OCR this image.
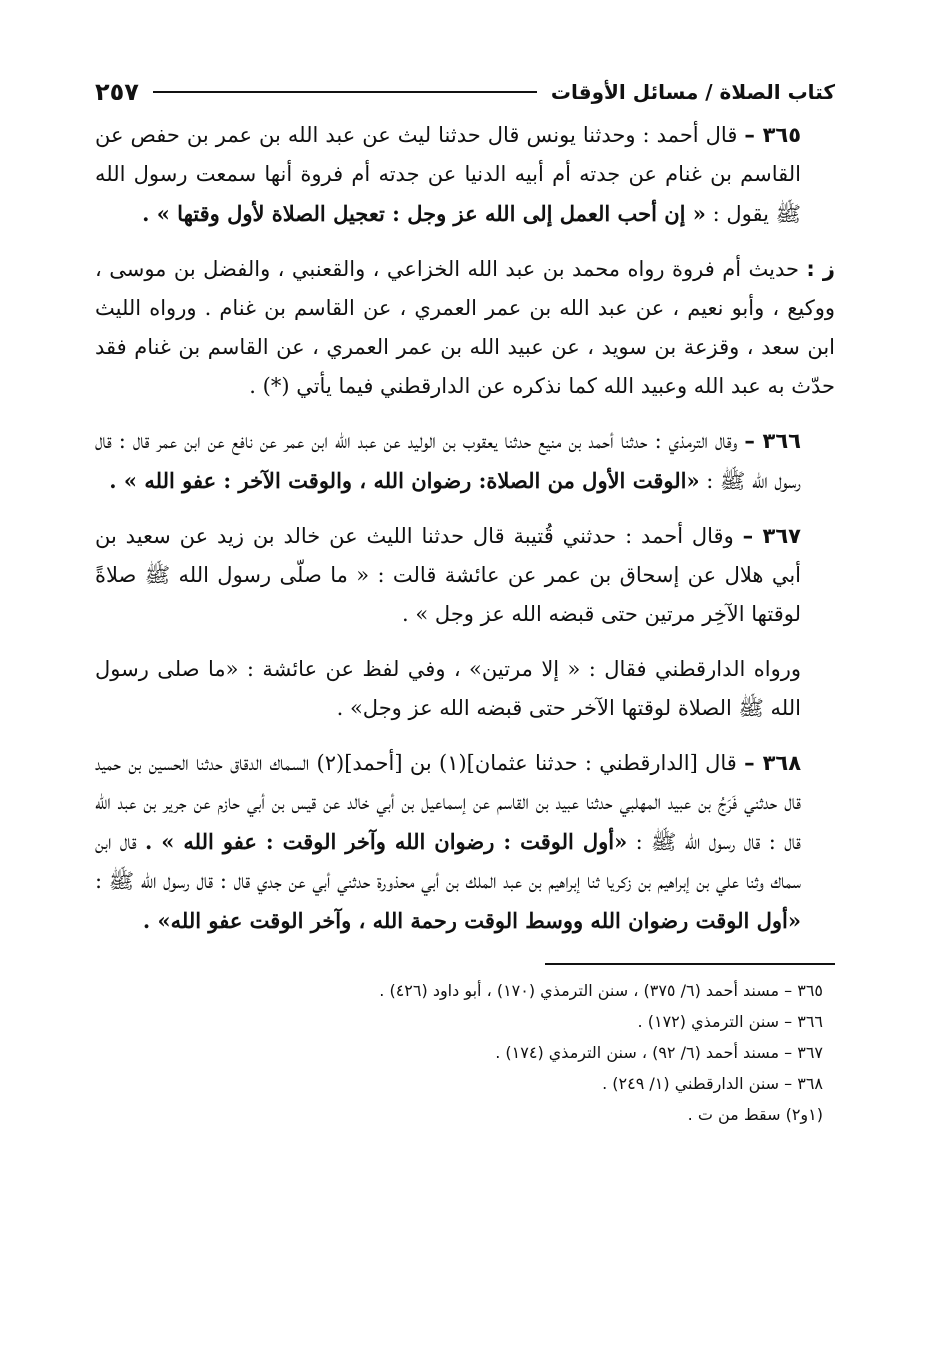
كتاب الصلاة / مسائل الأوقات
٢٥٧

٣٦٥ – قال أحمد : وحدثنا يونس قال حدثنا ليث عن عبد الله بن عمر بن حفص عن القاسم بن غنام عن جدته أم أبيه الدنيا عن جدته أم فروة أنها سمعت رسول الله ﷺ يقول : « إن أحب العمل إلى الله عز وجل : تعجيل الصلاة لأول وقتها » .

ز : حديث أم فروة رواه محمد بن عبد الله الخزاعي ، والقعنبي ، والفضل بن موسى ، ووكيع ، وأبو نعيم ، عن عبد الله بن عمر العمري ، عن القاسم بن غنام . ورواه الليث ابن سعد ، وقزعة بن سويد ، عن عبيد الله بن عمر العمري ، عن القاسم بن غنام فقد حدّث به عبد الله وعبيد الله كما نذكره عن الدارقطني فيما يأتي (*) .

٣٦٦ – وقال الترمذي : حدثنا أحمد بن منيع حدثنا يعقوب بن الوليد عن عبد الله ابن عمر عن نافع عن ابن عمر قال : قال رسول الله ﷺ : «الوقت الأول من الصلاة: رضوان الله ، والوقت الآخر : عفو الله » .

٣٦٧ – وقال أحمد : حدثني قُتيبة قال حدثنا الليث عن خالد بن زيد عن سعيد بن أبي هلال عن إسحاق بن عمر عن عائشة قالت : « ما صلّى رسول الله ﷺ صلاةً لوقتها الآخِر مرتين حتى قبضه الله عز وجل » .

ورواه الدارقطني فقال : « إلا مرتين» ، وفي لفظ عن عائشة : «ما صلى رسول الله ﷺ الصلاة لوقتها الآخر حتى قبضه الله عز وجل» .

٣٦٨ – قال [الدارقطني : حدثنا عثمان](١) بن [أحمد](٢) السماك الدقاق حدثنا الحسين بن حميد قال حدثني فَرَجُ بن عبيد المهلبي حدثنا عبيد بن القاسم عن إسماعيل بن أبي خالد عن قيس بن أبي حازم عن جرير بن عبد الله قال : قال رسول الله ﷺ : «أول الوقت : رضوان الله وآخر الوقت : عفو الله » . قال ابن سماك وثنا علي بن إبراهيم بن زكريا ثنا إبراهيم بن عبد الملك بن أبي محذورة حدثني أبي عن جدي قال : قال رسول الله ﷺ : «أول الوقت رضوان الله ووسط الوقت رحمة الله ، وآخر الوقت عفو الله» .

٣٦٥ – مسند أحمد (٦/ ٣٧٥) ، سنن الترمذي (١٧٠) ، أبو داود (٤٢٦) .
٣٦٦ – سنن الترمذي (١٧٢) .
٣٦٧ – مسند أحمد (٦/ ٩٢) ، سنن الترمذي (١٧٤) .
٣٦٨ – سنن الدارقطني (١/ ٢٤٩) .
(١و٢) سقط من ت .
